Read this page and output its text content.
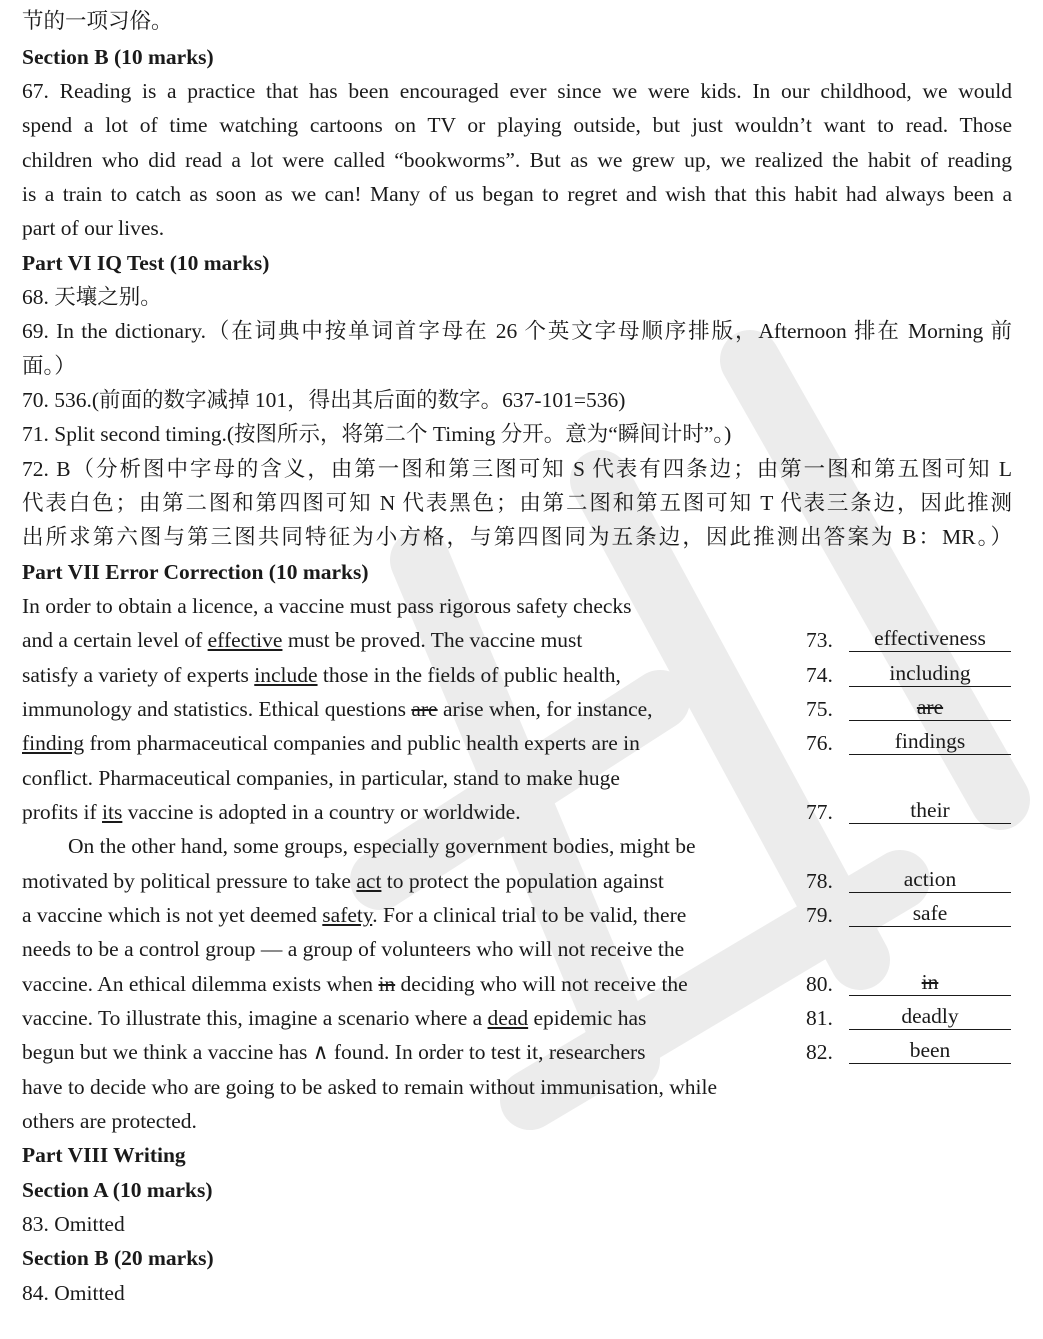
节的一项习俗。
Section B (10 marks)
67. Reading is a practice that has been encouraged ever since we were kids. In our childhood, we would
spend a lot of time watching cartoons on TV or playing outside, but just wouldn’t want to read. Those
children who did read a lot were called “bookworms”. But as we grew up, we realized the habit of reading
is a train to catch as soon as we can! Many of us began to regret and wish that this habit had always been a
part of our lives.
Part VI IQ Test (10 marks)
68. 天壤之别。
69. In the dictionary.（在词典中按单词首字母在 26 个英文字母顺序排版，Afternoon 排在 Morning 前
面。）
70. 536.(前面的数字减掉 101，得出其后面的数字。637-101=536)
71. Split second timing.(按图所示，将第二个 Timing 分开。意为“瞬间计时”。)
72. B（分析图中字母的含义，由第一图和第三图可知 S 代表有四条边；由第一图和第五图可知 L
代表白色；由第二图和第四图可知 N 代表黑色；由第二图和第五图可知 T 代表三条边，因此推测
出所求第六图与第三图共同特征为小方格，与第四图同为五条边，因此推测出答案为 B：MR。）
Part VII Error Correction (10 marks)
In order to obtain a licence, a vaccine must pass rigorous safety checks
and a certain level of effective must be proved. The vaccine must
satisfy a variety of experts include those in the fields of public health,
immunology and statistics. Ethical questions are arise when, for instance,
finding from pharmaceutical companies and public health experts are in
conflict. Pharmaceutical companies, in particular, stand to make huge
profits if its vaccine is adopted in a country or worldwide.
On the other hand, some groups, especially government bodies, might be
motivated by political pressure to take act to protect the population against
a vaccine which is not yet deemed safety. For a clinical trial to be valid, there
needs to be a control group — a group of volunteers who will not receive the
vaccine. An ethical dilemma exists when in deciding who will not receive the
vaccine. To illustrate this, imagine a scenario where a dead epidemic has
begun but we think a vaccine has ∧ found. In order to test it, researchers
have to decide who are going to be asked to remain without immunisation, while
others are protected.
Part VIII Writing
Section A (10 marks)
83. Omitted
Section B (20 marks)
84. Omitted
73.	effectiveness
74.	including
75.	are
76.	findings
77.	their
78.	action
79.	safe
80.	in
81.	deadly
82.	been
